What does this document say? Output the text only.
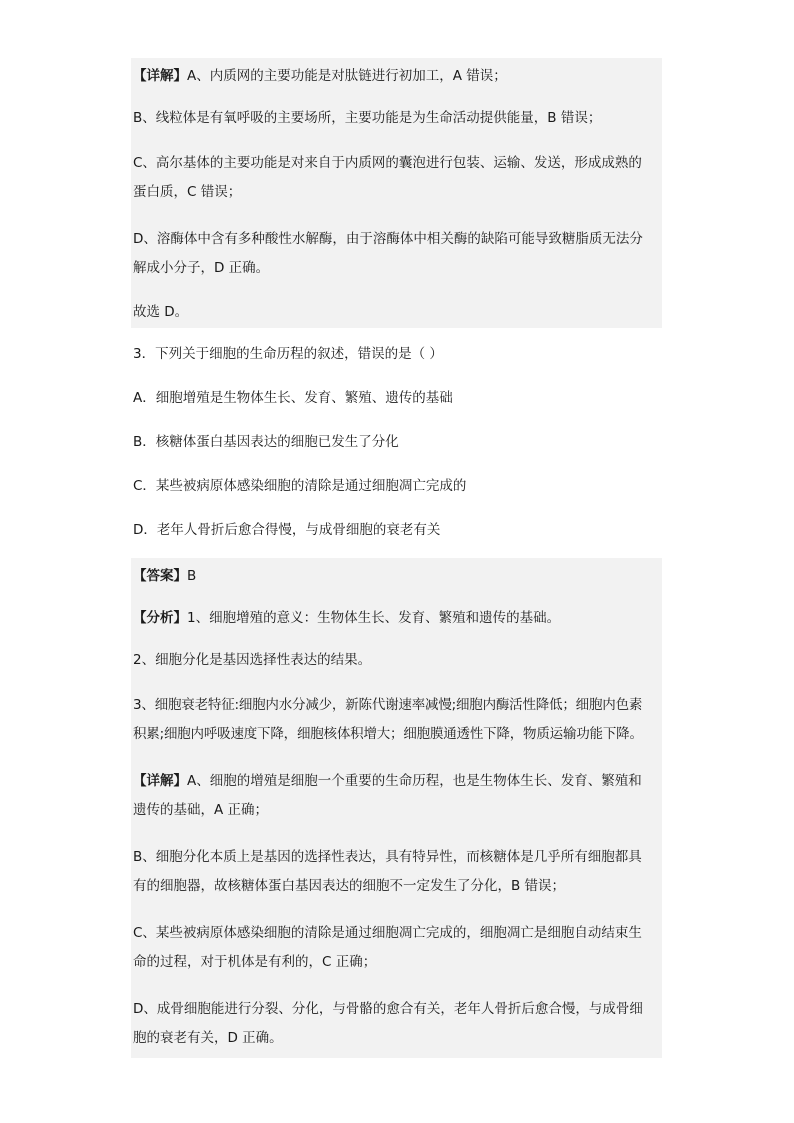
【详解】A、内质网的主要功能是对肽链进行初加工，A 错误；

B、线粒体是有氧呼吸的主要场所，主要功能是为生命活动提供能量，B 错误；

C、高尔基体的主要功能是对来自于内质网的囊泡进行包装、运输、发送，形成成熟的
蛋白质，C 错误；

D、溶酶体中含有多种酸性水解酶，由于溶酶体中相关酶的缺陷可能导致糖脂质无法分
解成小分子，D 正确。

故选 D。

3．下列关于细胞的生命历程的叙述，错误的是（ ）

A．细胞增殖是生物体生长、发育、繁殖、遗传的基础

B．核糖体蛋白基因表达的细胞已发生了分化

C．某些被病原体感染细胞的清除是通过细胞凋亡完成的

D．老年人骨折后愈合得慢，与成骨细胞的衰老有关

【答案】B

【分析】1、细胞增殖的意义：生物体生长、发育、繁殖和遗传的基础。

2、细胞分化是基因选择性表达的结果。

3、细胞衰老特征:细胞内水分减少，新陈代谢速率减慢;细胞内酶活性降低；细胞内色素
积累;细胞内呼吸速度下降，细胞核体积增大；细胞膜通透性下降，物质运输功能下降。

【详解】A、细胞的增殖是细胞一个重要的生命历程，也是生物体生长、发育、繁殖和
遗传的基础，A 正确；

B、细胞分化本质上是基因的选择性表达，具有特异性，而核糖体是几乎所有细胞都具
有的细胞器，故核糖体蛋白基因表达的细胞不一定发生了分化，B 错误；

C、某些被病原体感染细胞的清除是通过细胞凋亡完成的，细胞凋亡是细胞自动结束生
命的过程，对于机体是有利的，C 正确；

D、成骨细胞能进行分裂、分化，与骨骼的愈合有关，老年人骨折后愈合慢，与成骨细
胞的衰老有关，D 正确。
